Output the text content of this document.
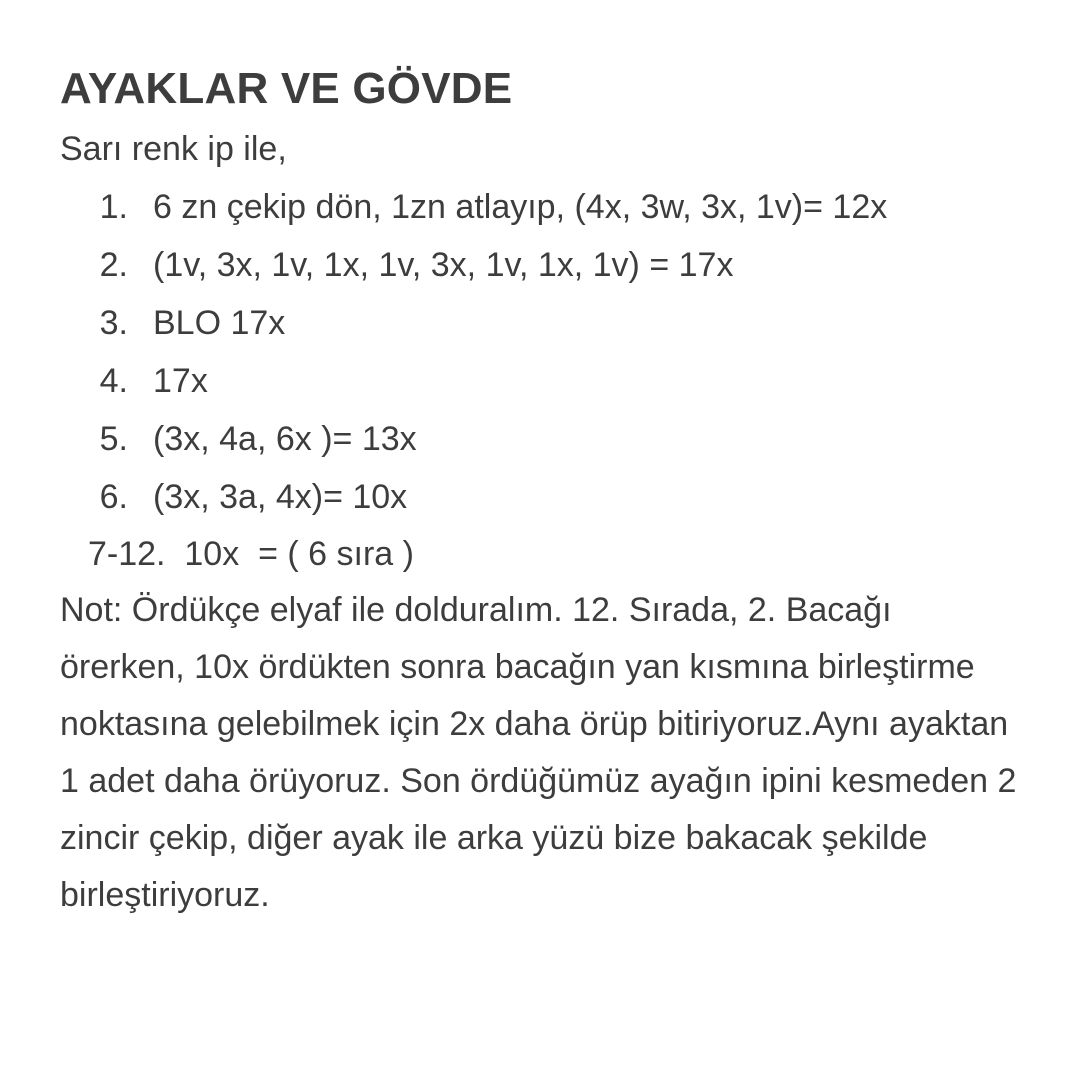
AYAKLAR VE GÖVDE

Sarı renk ip ile,

1. 6 zn çekip dön, 1zn atlayıp, (4x, 3w, 3x, 1v)= 12x
2. (1v, 3x, 1v, 1x, 1v, 3x, 1v, 1x, 1v) = 17x
3. BLO 17x
4. 17x
5. (3x, 4a, 6x )= 13x
6. (3x, 3a, 4x)= 10x
7-12.  10x  = ( 6 sıra )

Not: Ördükçe elyaf ile dolduralım. 12. Sırada, 2. Bacağı örerken, 10x ördükten sonra bacağın yan kısmına birleştirme noktasına gelebilmek için 2x daha örüp bitiriyoruz.Aynı ayaktan 1 adet daha örüyoruz. Son ördüğümüz ayağın ipini kesmeden 2 zincir çekip, diğer ayak ile arka yüzü bize bakacak şekilde birleştiriyoruz.
